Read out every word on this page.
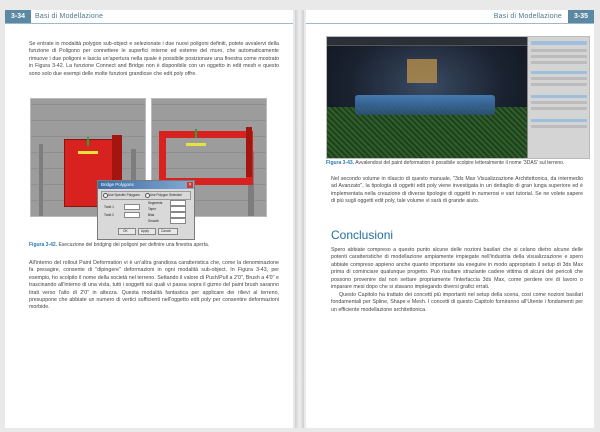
3-34	Basi di Modellazione

Se entrate in modalità polygon sub-object e selezionate i due nuovi poligoni definiti, potete avvalervi della funzione di Poligono per connettere le superfici interne ed esterne del muro, che automaticamente rimuove i due poligoni e lascia un'apertura nella quale è possibile posizionare una finestra come mostrato in Figura 3-42. La funzione Connect and Bridge non è disponibile con un oggetto in edit mesh e questo sono solo due esempi delle molte funzioni grandiose che edit poly offre.

Bridge Polygons	×
Use Specific Polygons	Use Polygon Selection
Twist 1
Twist 2
Segments
Taper
Bias
Smooth
OK	Apply	Cancel

Figura 3-42. Esecuzione del bridging dei poligoni per definire una finestra aperta.

All'interno del rollout Paint Deformation vi è un'altra grandiosa caratteristica che, come la denominazione fa presagire, consente di "dipingere" deformazioni in ogni modalità sub-object. In Figura 3-43, per esempio, ho scolpito il nome della società nel terreno. Settando il valore di Push/Pull a 2'0", Brush a 4'0" e trascinando all'interno di una vista, tutti i soggetti sui quali vi passa sopra il gizmo del paint brush saranno tirati verso l'alto di 2'0" in altezza. Questa modalità fantastica per applicare dei rilievi al terreno, presuppone che abbiate un numero di vertici sufficienti nell'oggetto edit poly per consentire deformazioni morbide.

Basi di Modellazione	3-35

Figura 3-43. Avvalendosi del paint deformation è possibile scolpire letteralmente il nome '3DAS' sul terreno.

Nel secondo volume in rilascio di questo manuale, "3ds Max Visualizzazione Architettonica, da intermedio ad Avanzato", la tipologia di oggetti edit poly viene investigata in un dettaglio di gran lunga superiore ed è implementata nella creazione di diverse tipologie di oggetti in numerosi e vari tutorial. Se ne volete sapere di più sugli oggetti edit poly, tale volume vi sarà di grande aiuto.

Conclusioni

Spero abbiate compreso a questo punto alcune delle nozioni basilari che si celano dietro alcune delle potenti caratteristiche di modellazione ampiamente impiegate nell'industria della visualizzazione e spero abbiate compreso appieno anche quanto importante sia eseguire in modo appropriato il setup di 3ds Max prima di cominciare qualunque progetto. Può risultare straziante cadere vittima di alcuni dei pericoli che possono provenire dal non settare propriamente l'interfaccia 3ds Max, come perdere ore di lavoro o imparare mesi dopo che si stavano impiegando diversi grafici errati.

Questo Capitolo ha trattato dei concetti più importanti nel setup della scena, così come nozioni basilari fondamentali per Spline, Shape e Mesh. I concetti di questo Capitolo forniranno all'Utente i fondamenti per un efficiente modellazione architettonica.
